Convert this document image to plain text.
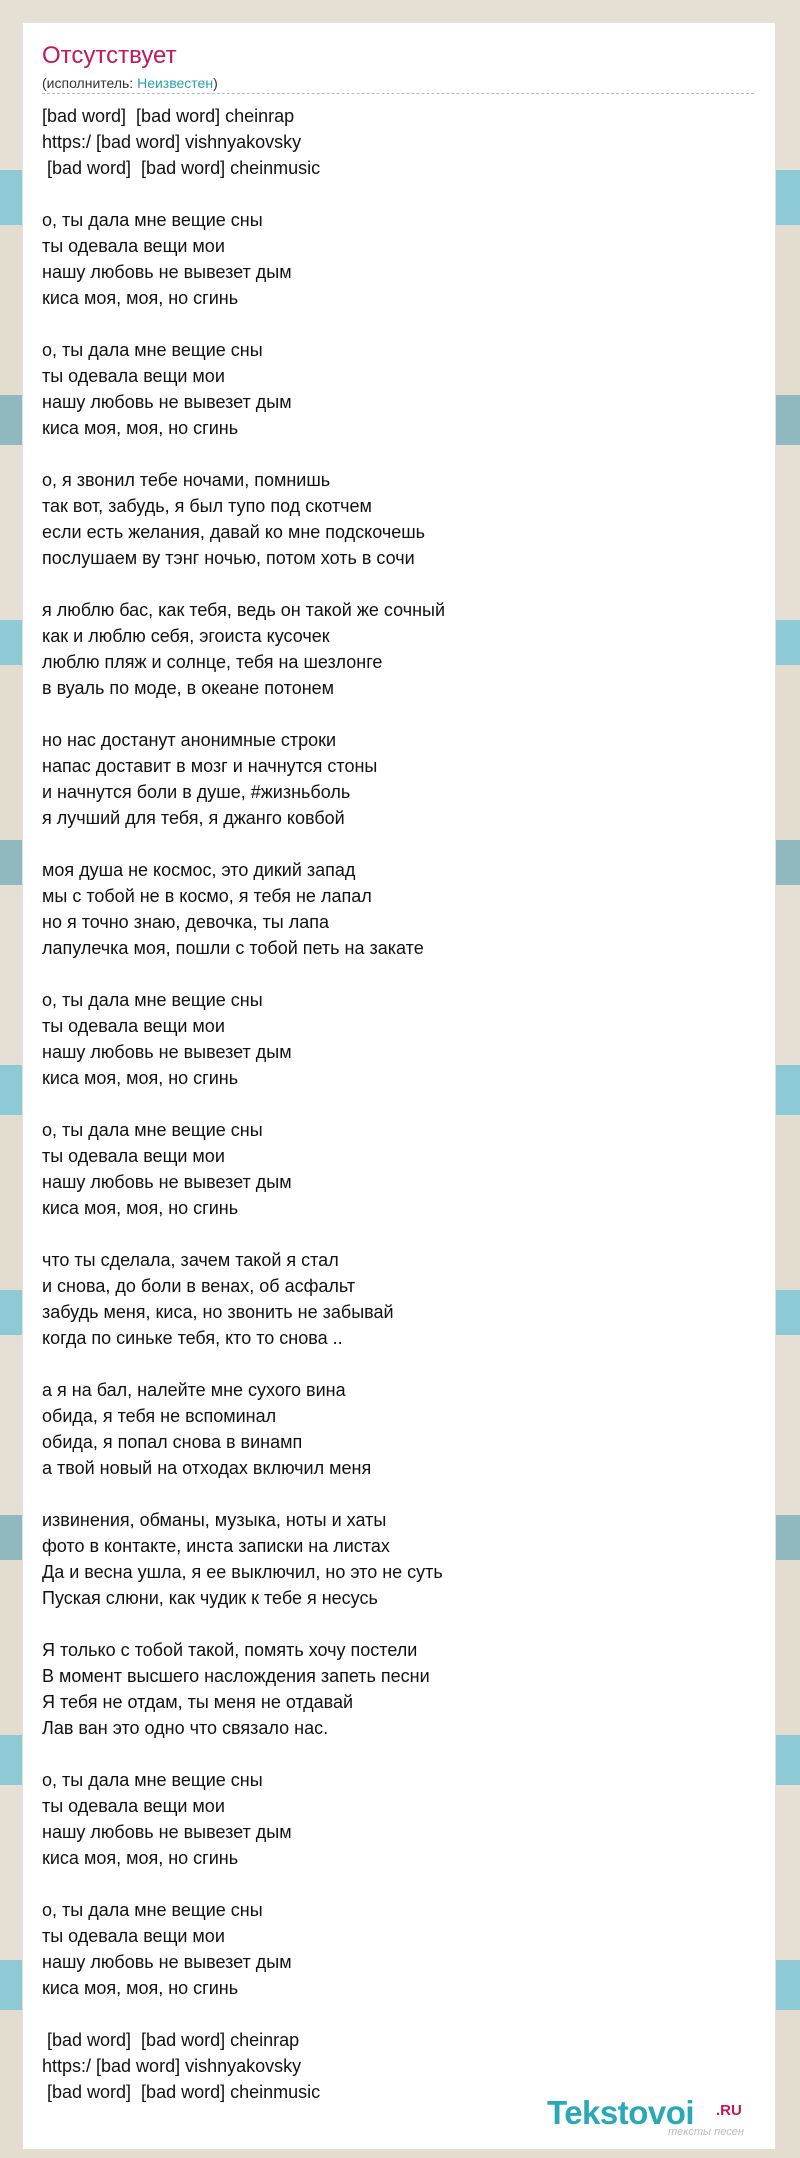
Отсутствует
(исполнитель: Неизвестен)
[bad word]  [bad word] cheinrap
https:/ [bad word] vishnyakovsky
[bad word]  [bad word] cheinmusic
о, ты дала мне вещие сны
ты одевала вещи мои
нашу любовь не вывезет дым
киса моя, моя, но сгинь
о, ты дала мне вещие сны
ты одевала вещи мои
нашу любовь не вывезет дым
киса моя, моя, но сгинь
о, я звонил тебе ночами, помнишь
так вот, забудь, я был тупо под скотчем
если есть желания, давай ко мне подскочешь
послушаем ву тэнг ночью, потом хоть в сочи
я люблю бас, как тебя, ведь он такой же сочный
как и люблю себя, эгоиста кусочек
люблю пляж и солнце, тебя на шезлонге
в вуаль по моде, в океане потонем
но нас достанут анонимные строки
напас доставит в мозг и начнутся стоны
и начнутся боли в душе, #жизньболь
я лучший для тебя, я джанго ковбой
моя душа не космос, это дикий запад
мы с тобой не в космо, я тебя не лапал
но я точно знаю, девочка, ты лапа
лапулечка моя, пошли с тобой петь на закате
о, ты дала мне вещие сны
ты одевала вещи мои
нашу любовь не вывезет дым
киса моя, моя, но сгинь
о, ты дала мне вещие сны
ты одевала вещи мои
нашу любовь не вывезет дым
киса моя, моя, но сгинь
что ты сделала, зачем такой я стал
и снова, до боли в венах, об асфальт
забудь меня, киса, но звонить не забывай
когда по синьке тебя, кто то снова ..
а я на бал, налейте мне сухого вина
обида, я тебя не вспоминал
обида, я попал снова в винамп
а твой новый на отходах включил меня
извинения, обманы, музыка, ноты и хаты
фото в контакте, инста записки на листах
Да и весна ушла, я ее выключил, но это не суть
Пуская слюни, как чудик к тебе я несусь
Я только с тобой такой, помять хочу постели
В момент высшего наслождения запеть песни
Я тебя не отдам, ты меня не отдавай
Лав ван это одно что связало нас.
о, ты дала мне вещие сны
ты одевала вещи мои
нашу любовь не вывезет дым
киса моя, моя, но сгинь
о, ты дала мне вещие сны
ты одевала вещи мои
нашу любовь не вывезет дым
киса моя, моя, но сгинь
[bad word]  [bad word] cheinrap
https:/ [bad word] vishnyakovsky
[bad word]  [bad word] cheinmusic
Tekstovoi .RU
тексты песен
